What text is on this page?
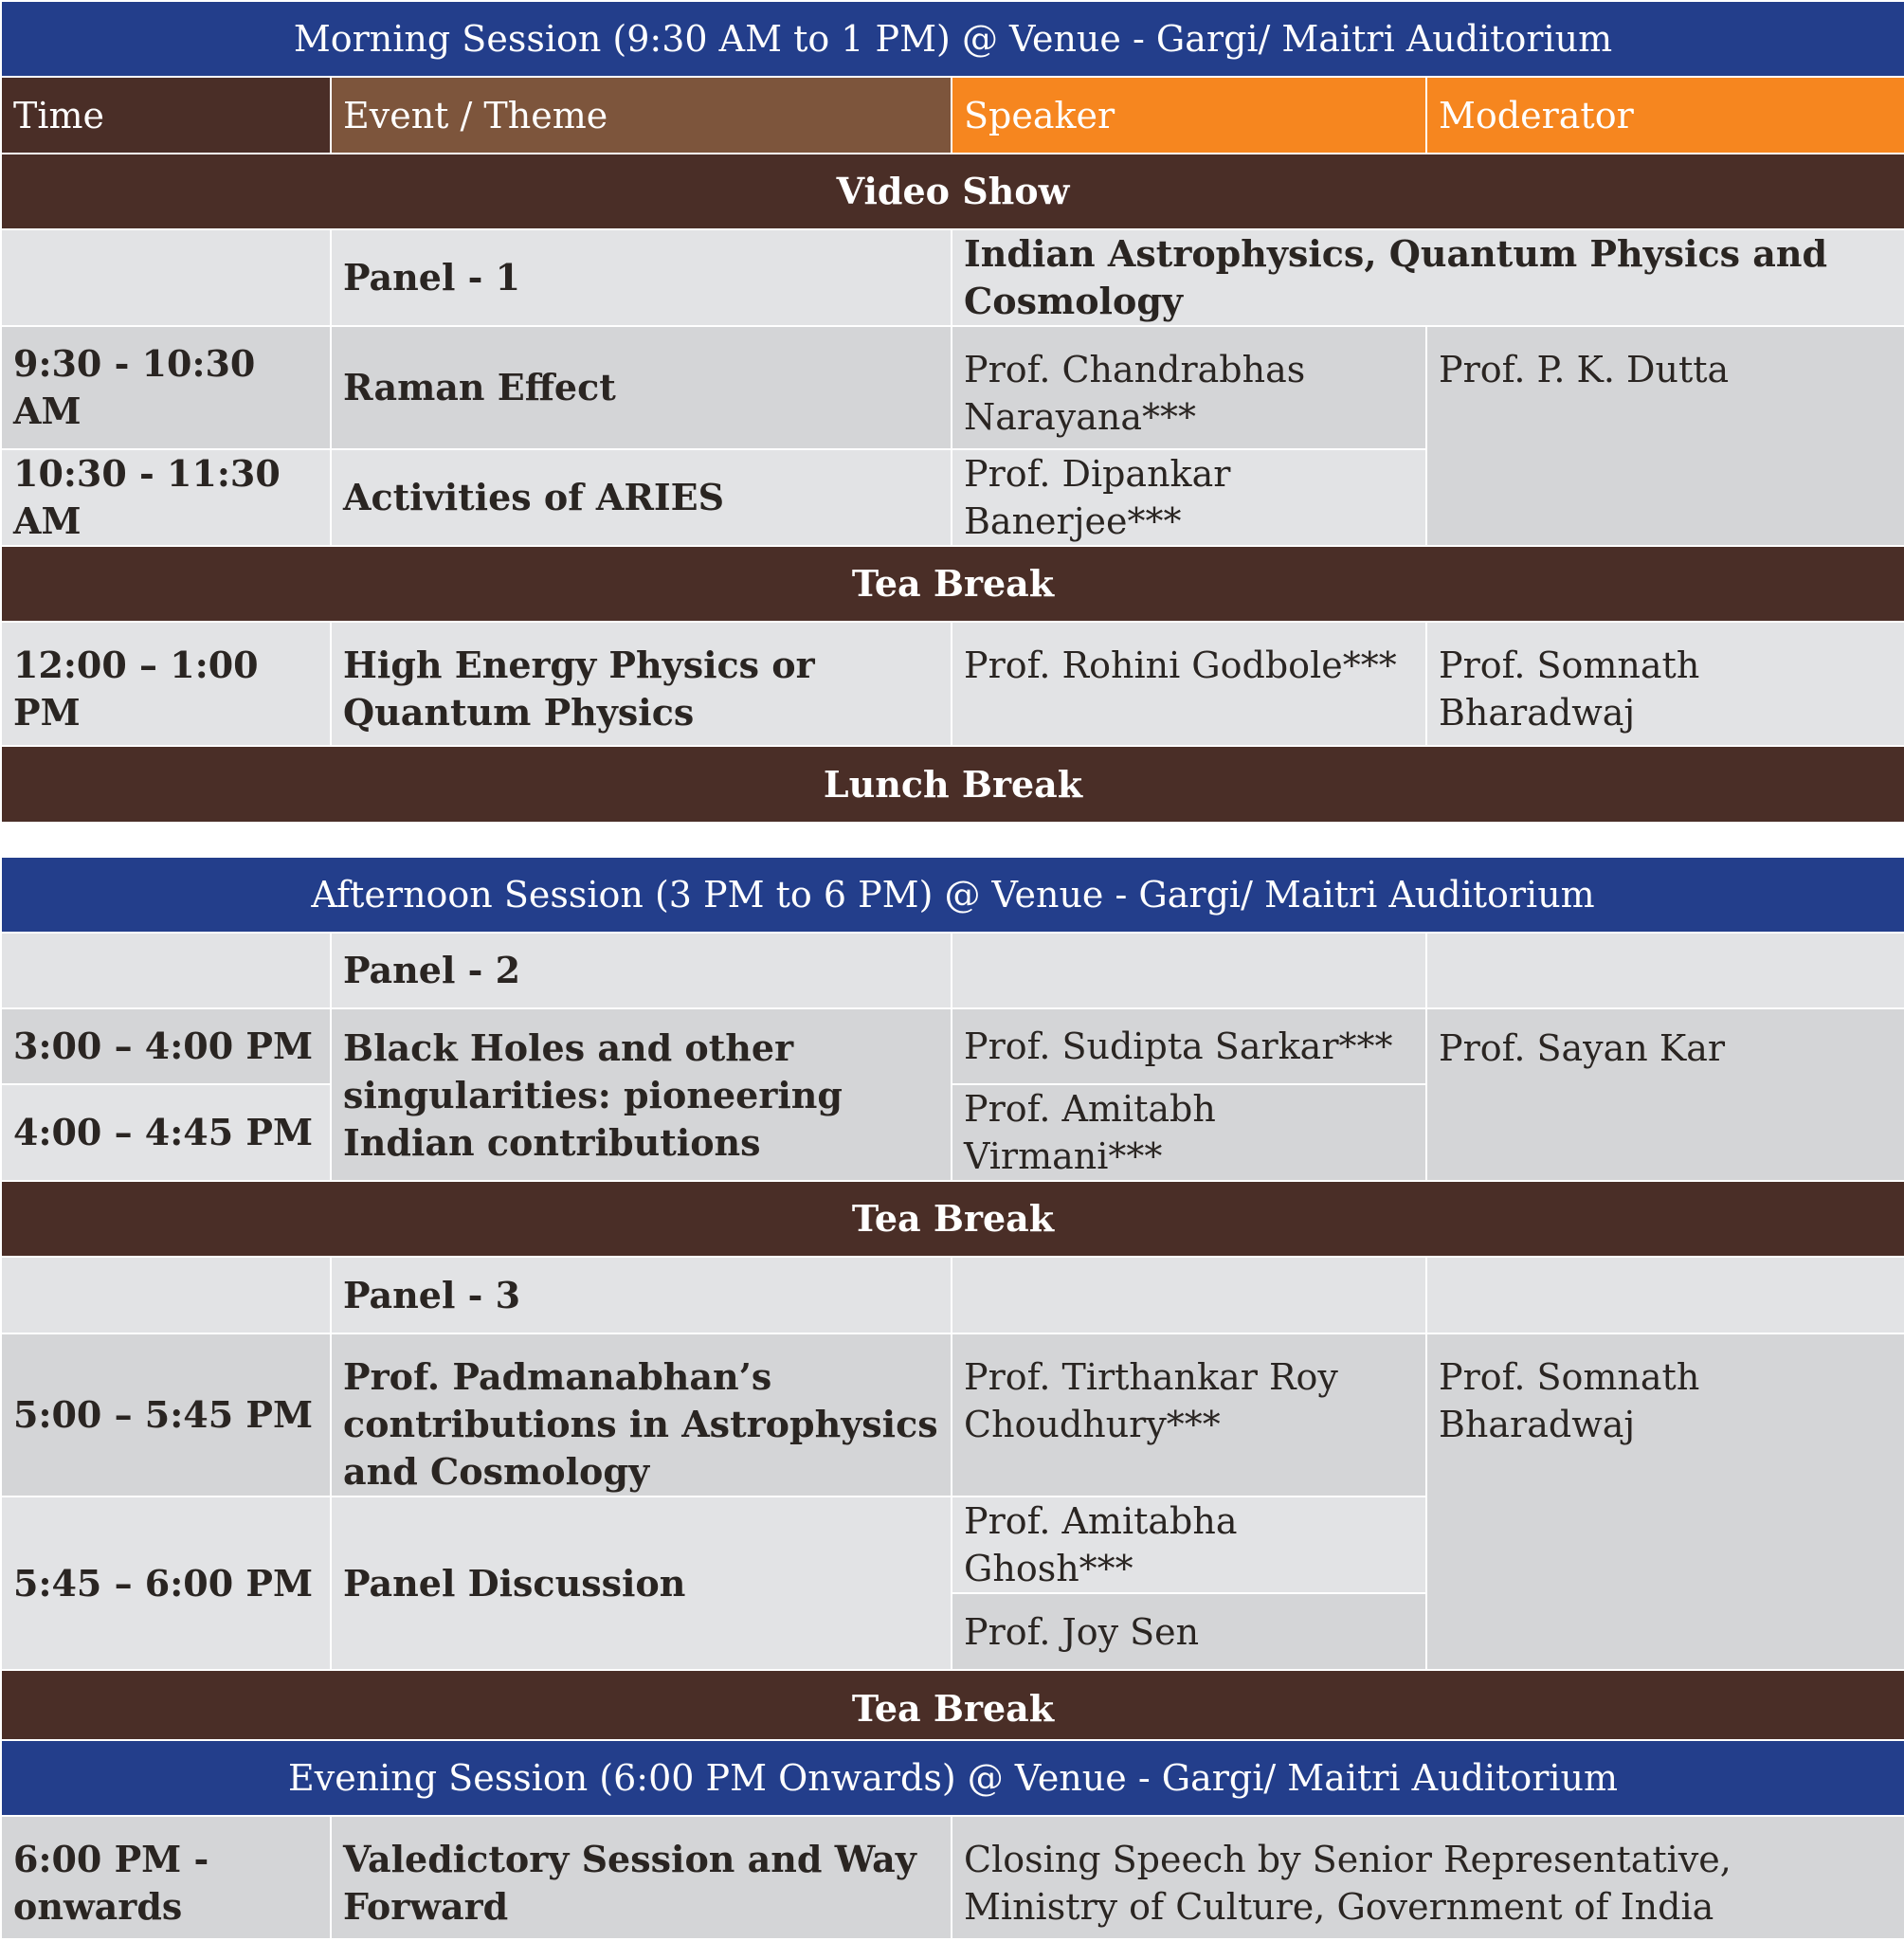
Morning Session (9:30 AM to 1 PM) @ Venue - Gargi/ Maitri Auditorium			
Time	Event / Theme	Speaker	Moderator
Video Show			
	Panel - 1	Indian Astrophysics, Quantum Physics and Cosmology	
9:30 - 10:30 AM	Raman Effect	Prof. Chandrabhas Narayana***	Prof. P. K. Dutta
10:30 - 11:30 AM	Activities of ARIES	Prof. Dipankar Banerjee***	
Tea Break			
12:00 – 1:00 PM	High Energy Physics or Quantum Physics	Prof. Rohini Godbole***	Prof. Somnath Bharadwaj
Lunch Break			
Afternoon Session (3 PM to 6 PM) @ Venue - Gargi/ Maitri Auditorium			
	Panel - 2		
3:00 – 4:00 PM	Black Holes and other singularities: pioneering Indian contributions	Prof. Sudipta Sarkar***	Prof. Sayan Kar
4:00 – 4:45 PM		Prof. Amitabh Virmani***	
Tea Break			
	Panel - 3		
5:00 – 5:45 PM	Prof. Padmanabhan’s contributions in Astrophysics and Cosmology	Prof. Tirthankar Roy Choudhury***	Prof. Somnath Bharadwaj
5:45 – 6:00 PM	Panel Discussion	Prof. Amitabha Ghosh***	
		Prof. Joy Sen	
Tea Break			
Evening Session (6:00 PM Onwards) @ Venue - Gargi/ Maitri Auditorium
6:00 PM - onwards	Valedictory Session and Way Forward	Closing Speech by Senior Representative, Ministry of Culture, Government of India
